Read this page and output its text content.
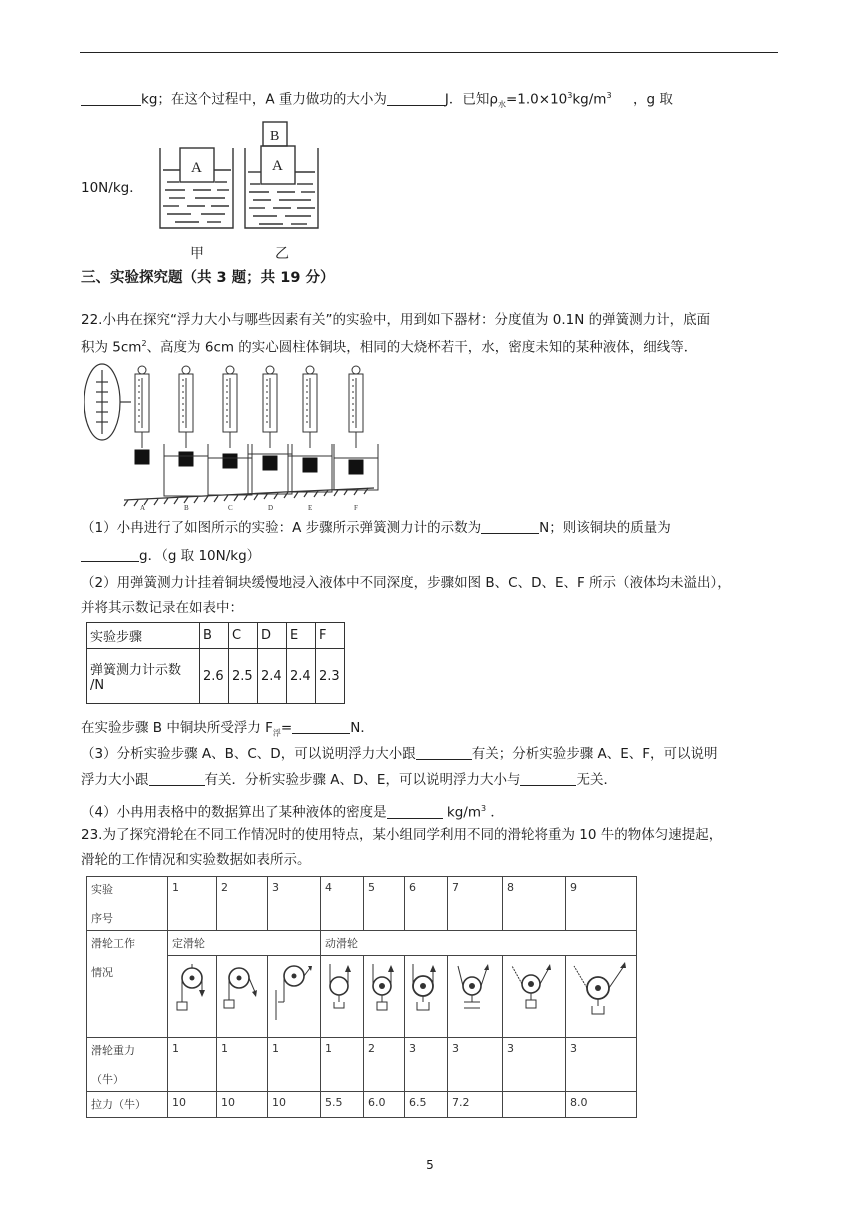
kg；在这个过程中，A 重力做功的大小为	J．已知$\rho_水=1.0\times 10^3kg/m^3$ ，g 取
10N/kg．
A
甲
B
A
乙
三、实验探究题（共 3 题；共 19 分）
22.小冉在探究“浮力大小与哪些因素有关”的实验中，用到如下器材：分度值为 0.1N 的弹簧测力计，底面
积为 $5cm^2$、高度为 6cm 的实心圆柱体铜块，相同的大烧杯若干，水，密度未知的某种液体，细线等．
A	B	C	D	E	F
（1）小冉进行了如图所示的实验：A 步骤所示弹簧测力计的示数为	N；则该铜块的质量为
g．（g 取 10N/kg）
（2）用弹簧测力计挂着铜块缓慢地浸入液体中不同深度，步骤如图 B、C、D、E、F 所示（液体均未溢出），
并将其示数记录在如表中：
实验步骤	B	C	D	E	F
弹簧测力计示数
/N	2.6	2.5	2.4	2.4	2.3
在实验步骤 B 中铜块所受浮力 $F_浮=$	N．
（3）分析实验步骤 A、B、C、D，可以说明浮力大小跟	有关；分析实验步骤 A、E、F，可以说明
浮力大小跟	有关．分析实验步骤 A、D、E，可以说明浮力大小与	无关．
（4）小冉用表格中的数据算出了某种液体的密度是	$kg/m^3$ ．
23.为了探究滑轮在不同工作情况时的使用特点，某小组同学利用不同的滑轮将重为 10 牛的物体匀速提起，
滑轮的工作情况和实验数据如表所示。
实验

序号	1	2	3	4	5	6	7	8	9
滑轮工作

情况	定滑轮			动滑轮					

滑轮重力

（牛）	1	1	1	1	2	3	3	3	3
拉力（牛）	10	10	10	5.5	6.0	6.5	7.2		8.0
5
